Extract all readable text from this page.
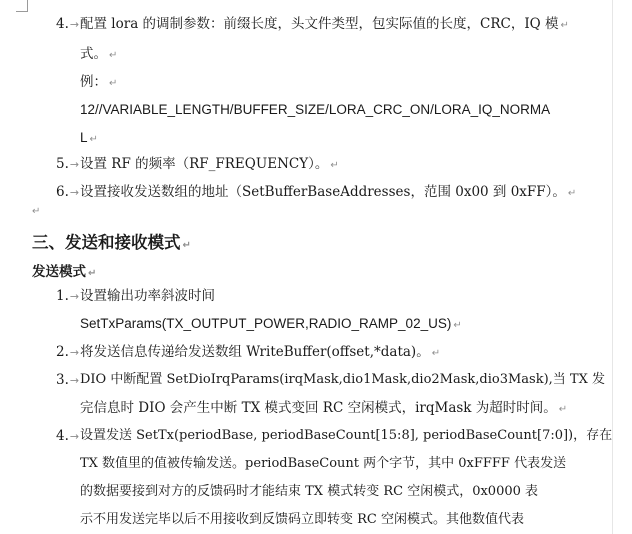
4.→ 配置 lora 的调制参数：前缀长度，头文件类型，包实际值的长度，CRC，IQ 模 ↵
式。 ↵
例： ↵
12//VARIABLE_LENGTH/BUFFER_SIZE/LORA_CRC_ON/LORA_IQ_NORMA
L ↵
5.→ 设置 RF 的频率（RF_FREQUENCY）。 ↵
6.→ 设置接收发送数组的地址（SetBufferBaseAddresses，范围 0x00 到 0xFF）。 ↵
↵
三、发送和接收模式 ↵
发送模式 ↵
1.→ 设置输出功率斜波时间
SetTxParams(TX_OUTPUT_POWER,RADIO_RAMP_02_US) ↵
2.→ 将发送信息传递给发送数组 WriteBuffer(offset,*data)。 ↵
3.→ DIO 中断配置 SetDioIrqParams(irqMask,dio1Mask,dio2Mask,dio3Mask),当 TX 发
完信息时 DIO 会产生中断 TX 模式变回 RC 空闲模式，irqMask 为超时时间。 ↵
4.→ 设置发送 SetTx(periodBase, periodBaseCount[15:8], periodBaseCount[7:0])，存在
TX 数值里的值被传输发送。periodBaseCount 两个字节，其中 0xFFFF 代表发送
的数据要接到对方的反馈码时才能结束 TX 模式转变 RC 空闲模式，0x0000 表
示不用发送完毕以后不用接收到反馈码立即转变 RC 空闲模式。其他数值代表
